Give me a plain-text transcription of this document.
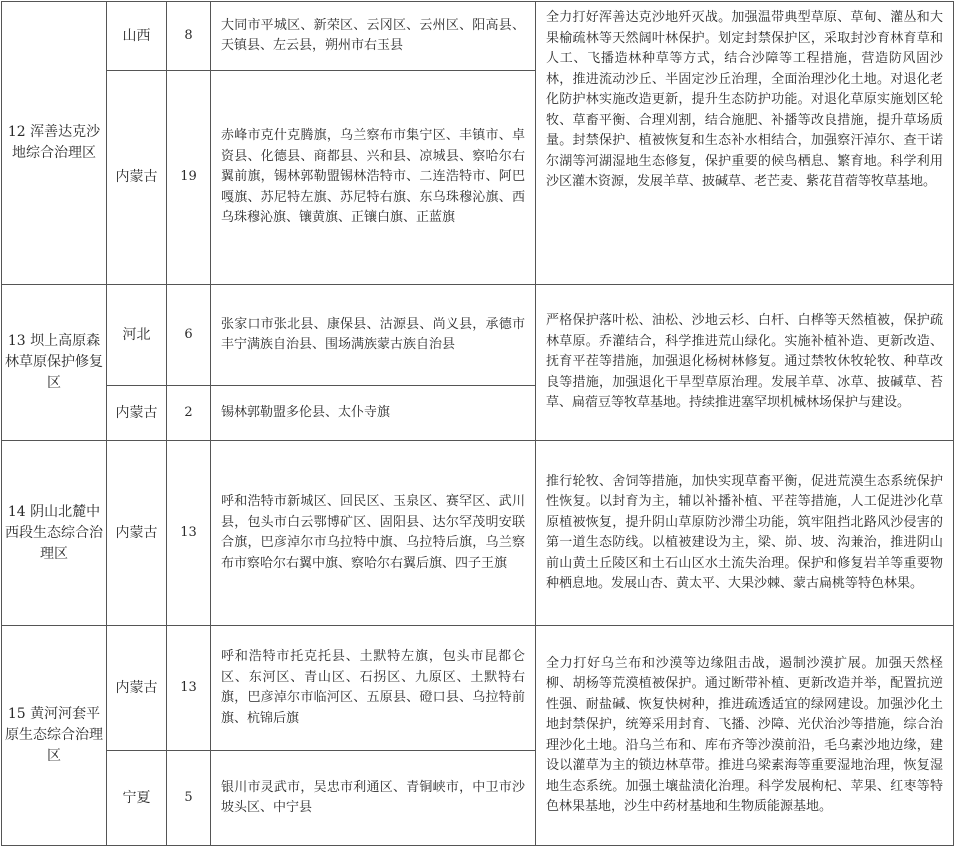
12 浑善达克沙地综合治理区	山西	8	大同市平城区、新荣区、云冈区、云州区、阳高县、天镇县、左云县，朔州市右玉县	全力打好浑善达克沙地歼灭战。加强温带典型草原、草甸、灌丛和大果榆疏林等天然阔叶林保护。划定封禁保护区，采取封沙育林育草和人工、飞播造林种草等方式，结合沙障等工程措施，营造防风固沙林，推进流动沙丘、半固定沙丘治理，全面治理沙化土地。对退化老化防护林实施改造更新，提升生态防护功能。对退化草原实施划区轮牧、草畜平衡、合理刈割，结合施肥、补播等改良措施，提升草场质量。封禁保护、植被恢复和生态补水相结合，加强察汗淖尔、查干诺尔湖等河湖湿地生态修复，保护重要的候鸟栖息、繁育地。科学利用沙区灌木资源，发展羊草、披碱草、老芒麦、紫花苜蓿等牧草基地。
	内蒙古	19	赤峰市克什克腾旗，乌兰察布市集宁区、丰镇市、卓资县、化德县、商都县、兴和县、凉城县、察哈尔右翼前旗，锡林郭勒盟锡林浩特市、二连浩特市、阿巴嘎旗、苏尼特左旗、苏尼特右旗、东乌珠穆沁旗、西乌珠穆沁旗、镶黄旗、正镶白旗、正蓝旗	
13 坝上高原森林草原保护修复区	河北	6	张家口市张北县、康保县、沽源县、尚义县，承德市丰宁满族自治县、围场满族蒙古族自治县	严格保护落叶松、油松、沙地云杉、白杆、白桦等天然植被，保护疏林草原。乔灌结合，科学推进荒山绿化。实施补植补造、更新改造、抚育平茬等措施，加强退化杨树林修复。通过禁牧休牧轮牧、种草改良等措施，加强退化干旱型草原治理。发展羊草、冰草、披碱草、苔草、扁蓿豆等牧草基地。持续推进塞罕坝机械林场保护与建设。
	内蒙古	2	锡林郭勒盟多伦县、太仆寺旗	
14 阴山北麓中西段生态综合治理区	内蒙古	13	呼和浩特市新城区、回民区、玉泉区、赛罕区、武川县，包头市白云鄂博矿区、固阳县、达尔罕茂明安联合旗，巴彦淖尔市乌拉特中旗、乌拉特后旗，乌兰察布市察哈尔右翼中旗、察哈尔右翼后旗、四子王旗	推行轮牧、舍饲等措施，加快实现草畜平衡，促进荒漠生态系统保护性恢复。以封育为主，辅以补播补植、平茬等措施，人工促进沙化草原植被恢复，提升阴山草原防沙滞尘功能，筑牢阻挡北路风沙侵害的第一道生态防线。以植被建设为主，梁、峁、坡、沟兼治，推进阴山前山黄土丘陵区和土石山区水土流失治理。保护和修复岩羊等重要物种栖息地。发展山杏、黄太平、大果沙棘、蒙古扁桃等特色林果。
15 黄河河套平原生态综合治理区	内蒙古	13	呼和浩特市托克托县、土默特左旗，包头市昆都仑区、东河区、青山区、石拐区、九原区、土默特右旗，巴彦淖尔市临河区、五原县、磴口县、乌拉特前旗、杭锦后旗	全力打好乌兰布和沙漠等边缘阻击战，遏制沙漠扩展。加强天然柽柳、胡杨等荒漠植被保护。通过断带补植、更新改造并举，配置抗逆性强、耐盐碱、恢复快树种，推进疏透适宜的绿网建设。加强沙化土地封禁保护，统筹采用封育、飞播、沙障、光伏治沙等措施，综合治理沙化土地。沿乌兰布和、库布齐等沙漠前沿，毛乌素沙地边缘，建设以灌草为主的锁边林草带。推进乌梁素海等重要湿地治理，恢复湿地生态系统。加强土壤盐渍化治理。科学发展枸杞、苹果、红枣等特色林果基地，沙生中药材基地和生物质能源基地。
	宁夏	5	银川市灵武市，吴忠市利通区、青铜峡市，中卫市沙坡头区、中宁县	
